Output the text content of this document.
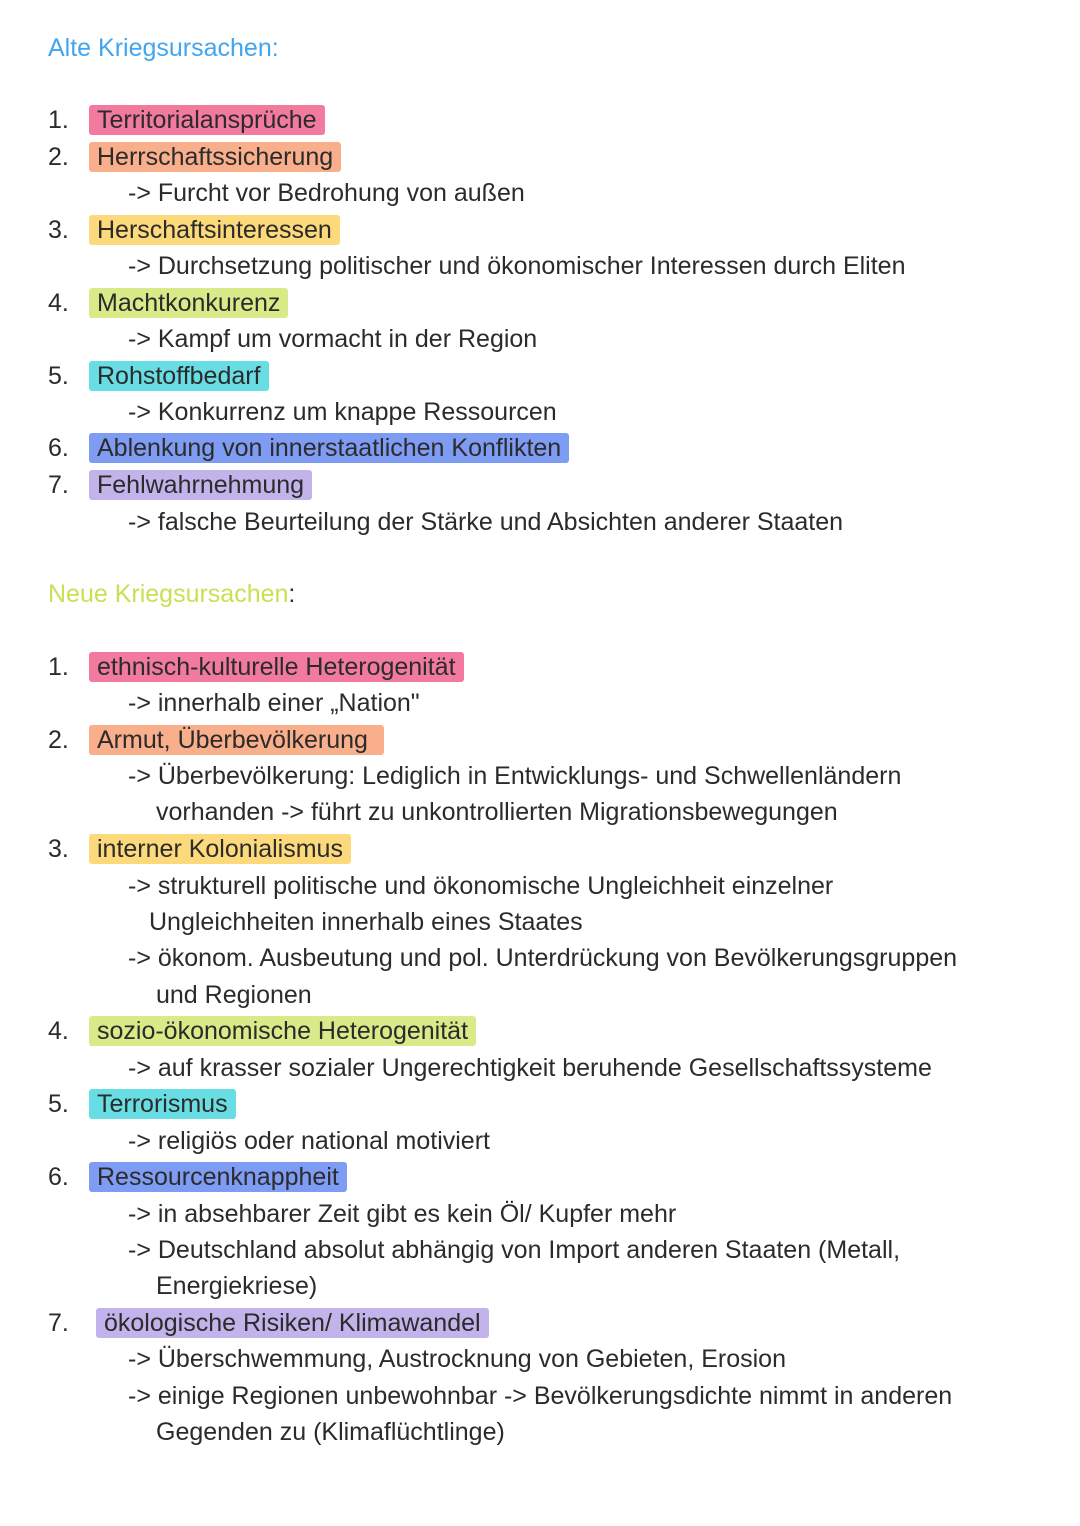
Alte Kriegsursachen:
1.	Territorialansprüche
2.	Herrschaftssicherung
-> Furcht vor Bedrohung von außen
3.	Herschaftsinteressen
-> Durchsetzung politischer und ökonomischer Interessen durch Eliten
4.	Machtkonkurenz
-> Kampf um vormacht in der Region
5.	Rohstoffbedarf
-> Konkurrenz um knappe Ressourcen
6.	Ablenkung von innerstaatlichen Konflikten
7.	Fehlwahrnehmung
-> falsche Beurteilung der Stärke und Absichten anderer Staaten
Neue Kriegsursachen:
1.	ethnisch-kulturelle Heterogenität
-> innerhalb einer „Nation"
2.	Armut, Überbevölkerung
-> Überbevölkerung: Lediglich in Entwicklungs- und Schwellenländern
vorhanden -> führt zu unkontrollierten Migrationsbewegungen
3.	interner Kolonialismus
-> strukturell politische und ökonomische Ungleichheit einzelner
Ungleichheiten innerhalb eines Staates
-> ökonom. Ausbeutung und pol. Unterdrückung von Bevölkerungsgruppen
und Regionen
4.	sozio-ökonomische Heterogenität
-> auf krasser sozialer Ungerechtigkeit beruhende Gesellschaftssysteme
5.	Terrorismus
-> religiös oder national motiviert
6.	Ressourcenknappheit
-> in absehbarer Zeit gibt es kein Öl/ Kupfer mehr
-> Deutschland absolut abhängig von Import anderen Staaten (Metall,
Energiekriese)
7.	ökologische Risiken/ Klimawandel
-> Überschwemmung, Austrocknung von Gebieten, Erosion
-> einige Regionen unbewohnbar -> Bevölkerungsdichte nimmt in anderen
Gegenden zu (Klimaflüchtlinge)
